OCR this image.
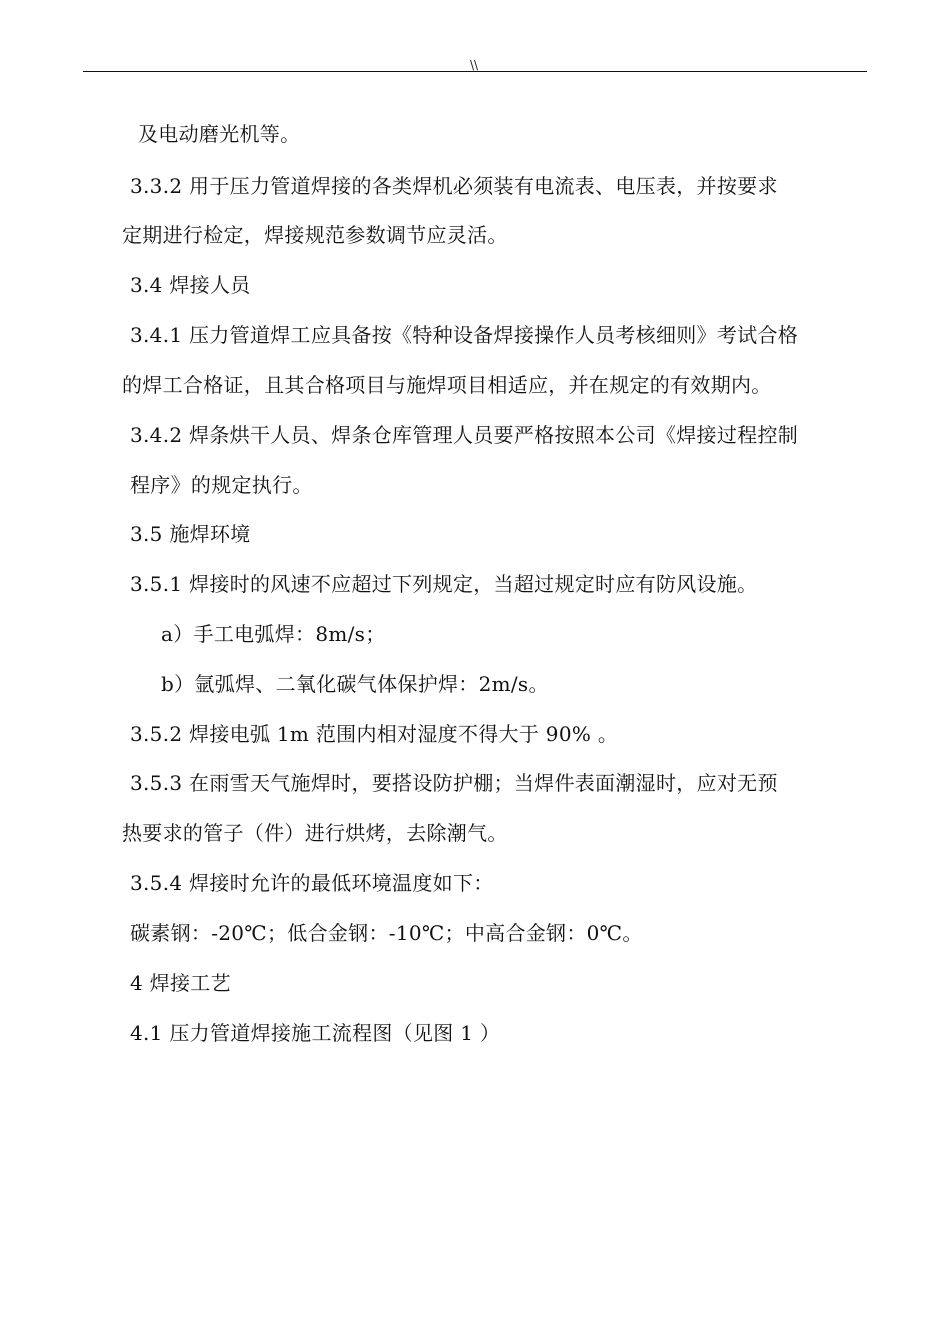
\\
及电动磨光机等。
3.3.2 用于压力管道焊接的各类焊机必须装有电流表、电压表，并按要求
定期进行检定，焊接规范参数调节应灵活。
3.4 焊接人员
3.4.1 压力管道焊工应具备按《特种设备焊接操作人员考核细则》考试合格
的焊工合格证，且其合格项目与施焊项目相适应，并在规定的有效期内。
3.4.2 焊条烘干人员、焊条仓库管理人员要严格按照本公司《焊接过程控制
程序》的规定执行。
3.5 施焊环境
3.5.1 焊接时的风速不应超过下列规定，当超过规定时应有防风设施。
a）手工电弧焊：8m/s；
b）氩弧焊、二氧化碳气体保护焊：2m/s。
3.5.2 焊接电弧 1m 范围内相对湿度不得大于 90% 。
3.5.3 在雨雪天气施焊时，要搭设防护棚；当焊件表面潮湿时，应对无预
热要求的管子（件）进行烘烤，去除潮气。
3.5.4 焊接时允许的最低环境温度如下：
碳素钢：-20℃；低合金钢：-10℃；中高合金钢：0℃。
4 焊接工艺
4.1 压力管道焊接施工流程图（见图 1 ）
